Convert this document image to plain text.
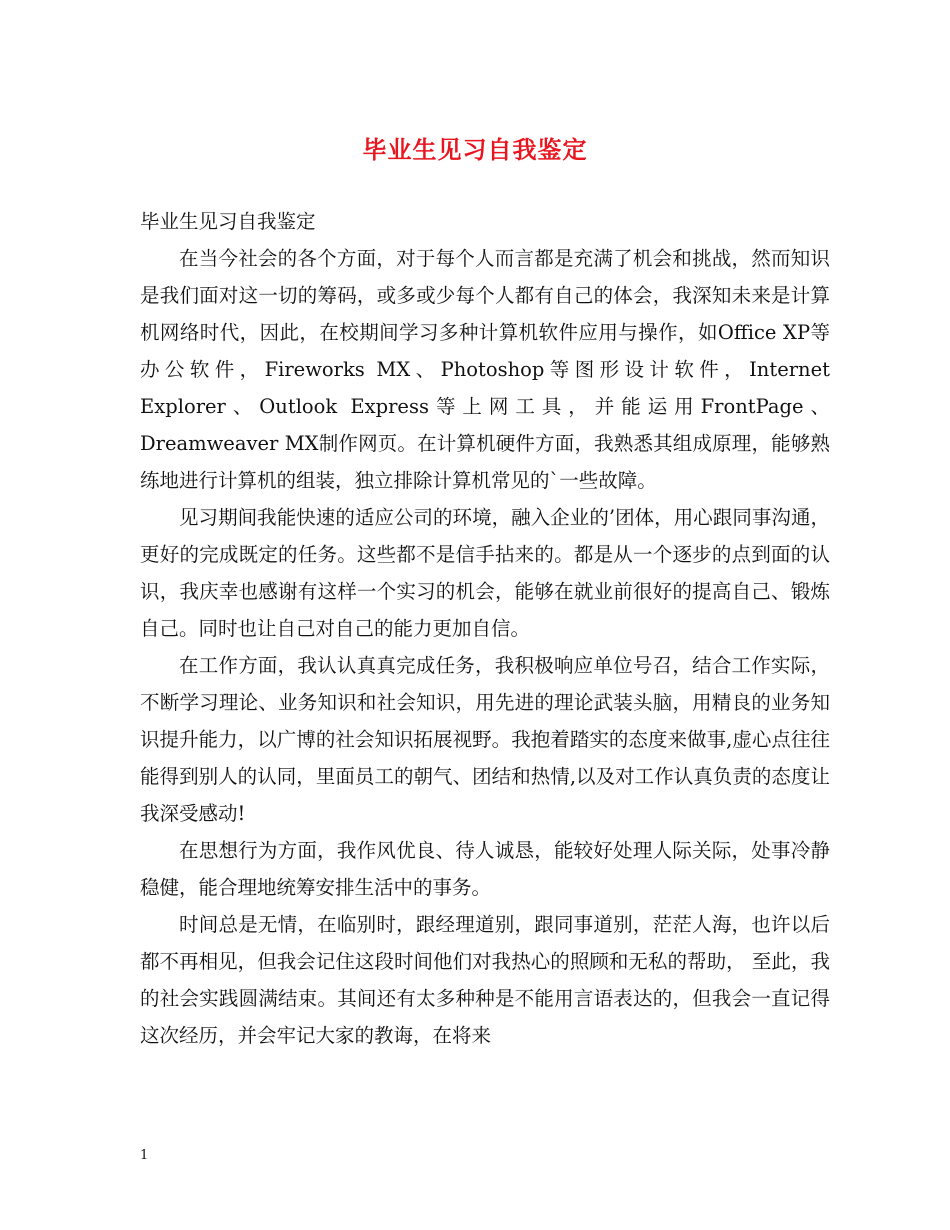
毕业生见习自我鉴定

毕业生见习自我鉴定

在当今社会的各个方面，对于每个人而言都是充满了机会和挑战，然而知识是我们面对这一切的筹码，或多或少每个人都有自己的体会，我深知未来是计算机网络时代，因此，在校期间学习多种计算机软件应用与操作，如Office XP等办公软件，Fireworks MX、Photoshop等图形设计软件，Internet Explorer、Outlook Express等上网工具，并能运用FrontPage、Dreamweaver MX制作网页。在计算机硬件方面，我熟悉其组成原理，能够熟练地进行计算机的组装，独立排除计算机常见的`一些故障。

见习期间我能快速的适应公司的环境，融入企业的’团体，用心跟同事沟通，更好的完成既定的任务。这些都不是信手拈来的。都是从一个逐步的点到面的认识，我庆幸也感谢有这样一个实习的机会，能够在就业前很好的提高自己、锻炼自己。同时也让自己对自己的能力更加自信。

在工作方面，我认认真真完成任务，我积极响应单位号召，结合工作实际，不断学习理论、业务知识和社会知识，用先进的理论武装头脑，用精良的业务知识提升能力，以广博的社会知识拓展视野。我抱着踏实的态度来做事,虚心点往往能得到别人的认同，里面员工的朝气、团结和热情,以及对工作认真负责的态度让我深受感动!

在思想行为方面，我作风优良、待人诚恳，能较好处理人际关际，处事冷静稳健，能合理地统筹安排生活中的事务。

时间总是无情，在临别时，跟经理道别，跟同事道别，茫茫人海，也许以后都不再相见，但我会记住这段时间他们对我热心的照顾和无私的帮助， 至此，我的社会实践圆满结束。其间还有太多种种是不能用言语表达的，但我会一直记得这次经历，并会牢记大家的教诲，在将来

1
